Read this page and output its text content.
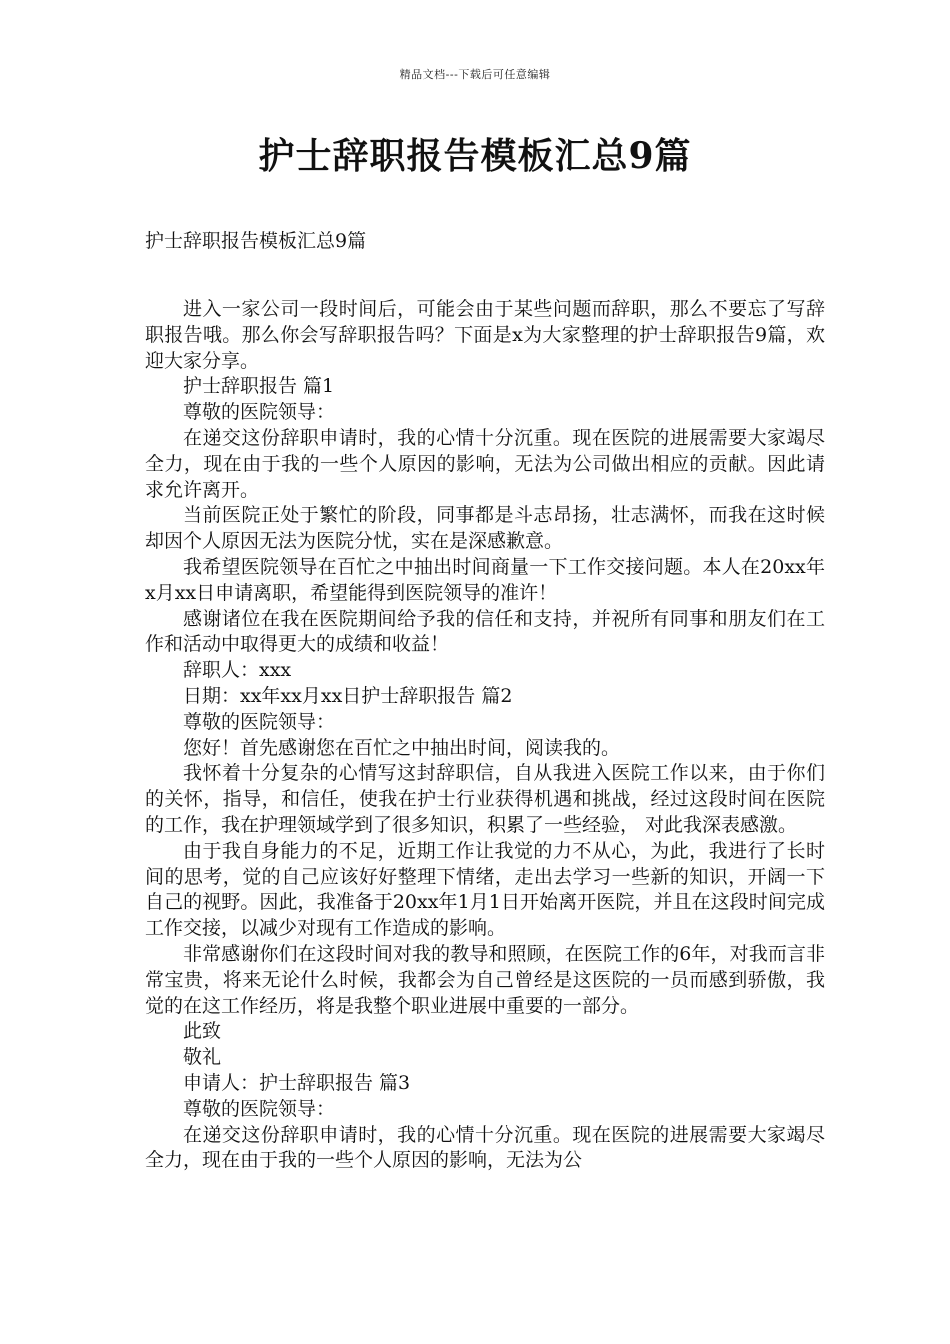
精品文档---下载后可任意编辑
护士辞职报告模板汇总9篇
护士辞职报告模板汇总9篇

进入一家公司一段时间后，可能会由于某些问题而辞职，那么不要忘了写辞职报告哦。那么你会写辞职报告吗？下面是x为大家整理的护士辞职报告9篇，欢迎大家分享。

护士辞职报告 篇1

尊敬的医院领导：

在递交这份辞职申请时，我的心情十分沉重。现在医院的进展需要大家竭尽全力，现在由于我的一些个人原因的影响，无法为公司做出相应的贡献。因此请求允许离开。

当前医院正处于繁忙的阶段，同事都是斗志昂扬，壮志满怀，而我在这时候却因个人原因无法为医院分忧，实在是深感歉意。

我希望医院领导在百忙之中抽出时间商量一下工作交接问题。本人在20xx年x月xx日申请离职，希望能得到医院领导的准许！

感谢诸位在我在医院期间给予我的信任和支持，并祝所有同事和朋友们在工作和活动中取得更大的成绩和收益！

辞职人：xxx

日期：xx年xx月xx日护士辞职报告 篇2

尊敬的医院领导：

您好！首先感谢您在百忙之中抽出时间，阅读我的。

我怀着十分复杂的心情写这封辞职信，自从我进入医院工作以来，由于你们的关怀，指导，和信任，使我在护士行业获得机遇和挑战，经过这段时间在医院的工作，我在护理领域学到了很多知识，积累了一些经验， 对此我深表感激。

由于我自身能力的不足，近期工作让我觉的力不从心，为此，我进行了长时间的思考，觉的自己应该好好整理下情绪，走出去学习一些新的知识，开阔一下自己的视野。因此，我准备于20xx年1月1日开始离开医院，并且在这段时间完成工作交接，以减少对现有工作造成的影响。

非常感谢你们在这段时间对我的教导和照顾，在医院工作的6年，对我而言非常宝贵，将来无论什么时候，我都会为自己曾经是这医院的一员而感到骄傲，我觉的在这工作经历，将是我整个职业进展中重要的一部分。

此致

敬礼

申请人：护士辞职报告 篇3

尊敬的医院领导：

在递交这份辞职申请时，我的心情十分沉重。现在医院的进展需要大家竭尽全力，现在由于我的一些个人原因的影响，无法为公
